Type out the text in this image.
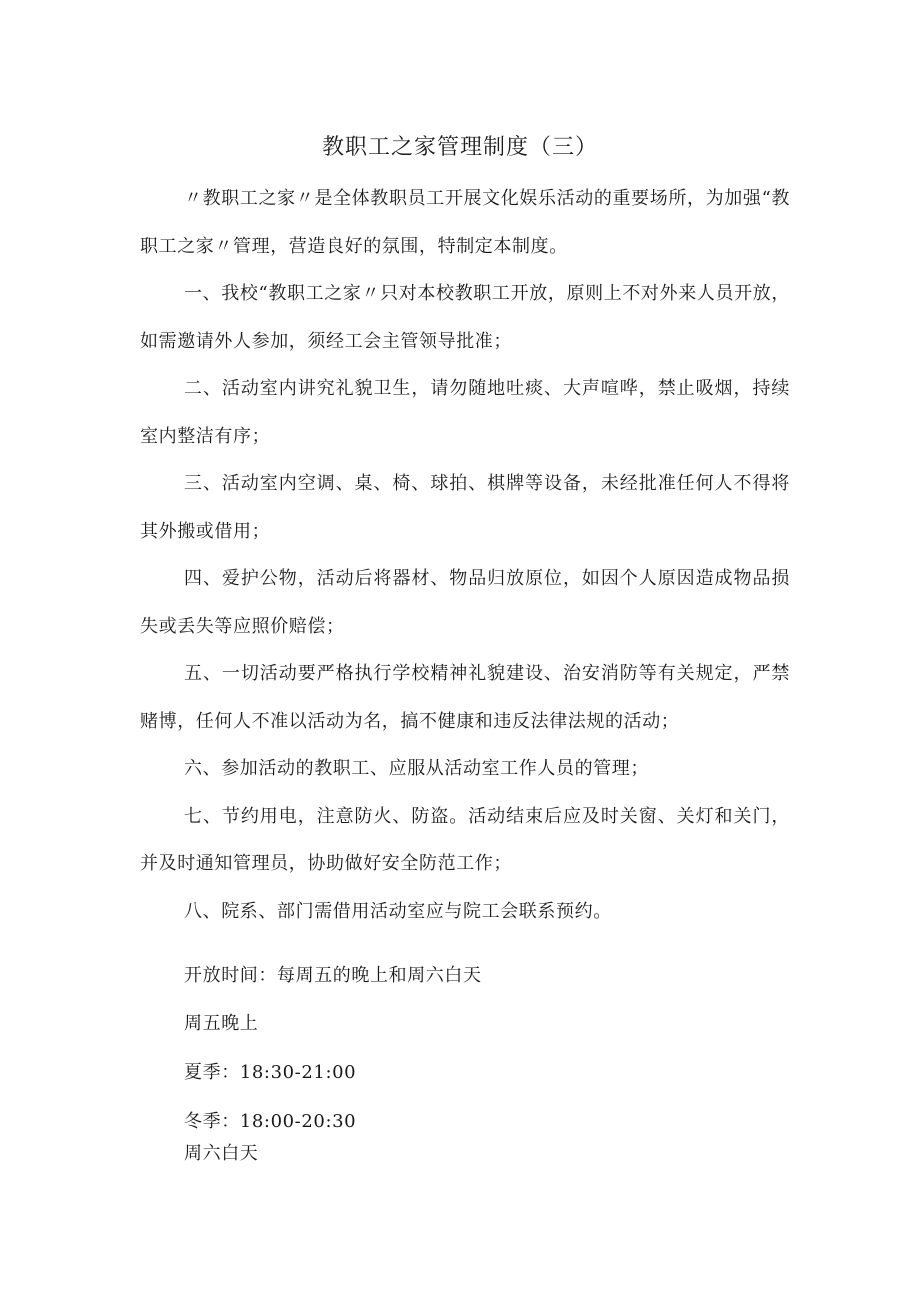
教职工之家管理制度（三）

〃教职工之家〃是全体教职员工开展文化娱乐活动的重要场所，为加强“教职工之家〃管理，营造良好的氛围，特制定本制度。

一、我校“教职工之家〃只对本校教职工开放，原则上不对外来人员开放，如需邀请外人参加，须经工会主管领导批准；

二、活动室内讲究礼貌卫生，请勿随地吐痰、大声喧哗，禁止吸烟，持续室内整洁有序；

三、活动室内空调、桌、椅、球拍、棋牌等设备，未经批准任何人不得将其外搬或借用；

四、爱护公物，活动后将器材、物品归放原位，如因个人原因造成物品损失或丢失等应照价赔偿；

五、一切活动要严格执行学校精神礼貌建设、治安消防等有关规定，严禁赌博，任何人不准以活动为名，搞不健康和违反法律法规的活动；

六、参加活动的教职工、应服从活动室工作人员的管理；

七、节约用电，注意防火、防盗。活动结束后应及时关窗、关灯和关门，并及时通知管理员，协助做好安全防范工作；

八、院系、部门需借用活动室应与院工会联系预约。

开放时间：每周五的晚上和周六白天

周五晚上

夏季：18:30-21:00

冬季：18:00-20:30

周六白天
